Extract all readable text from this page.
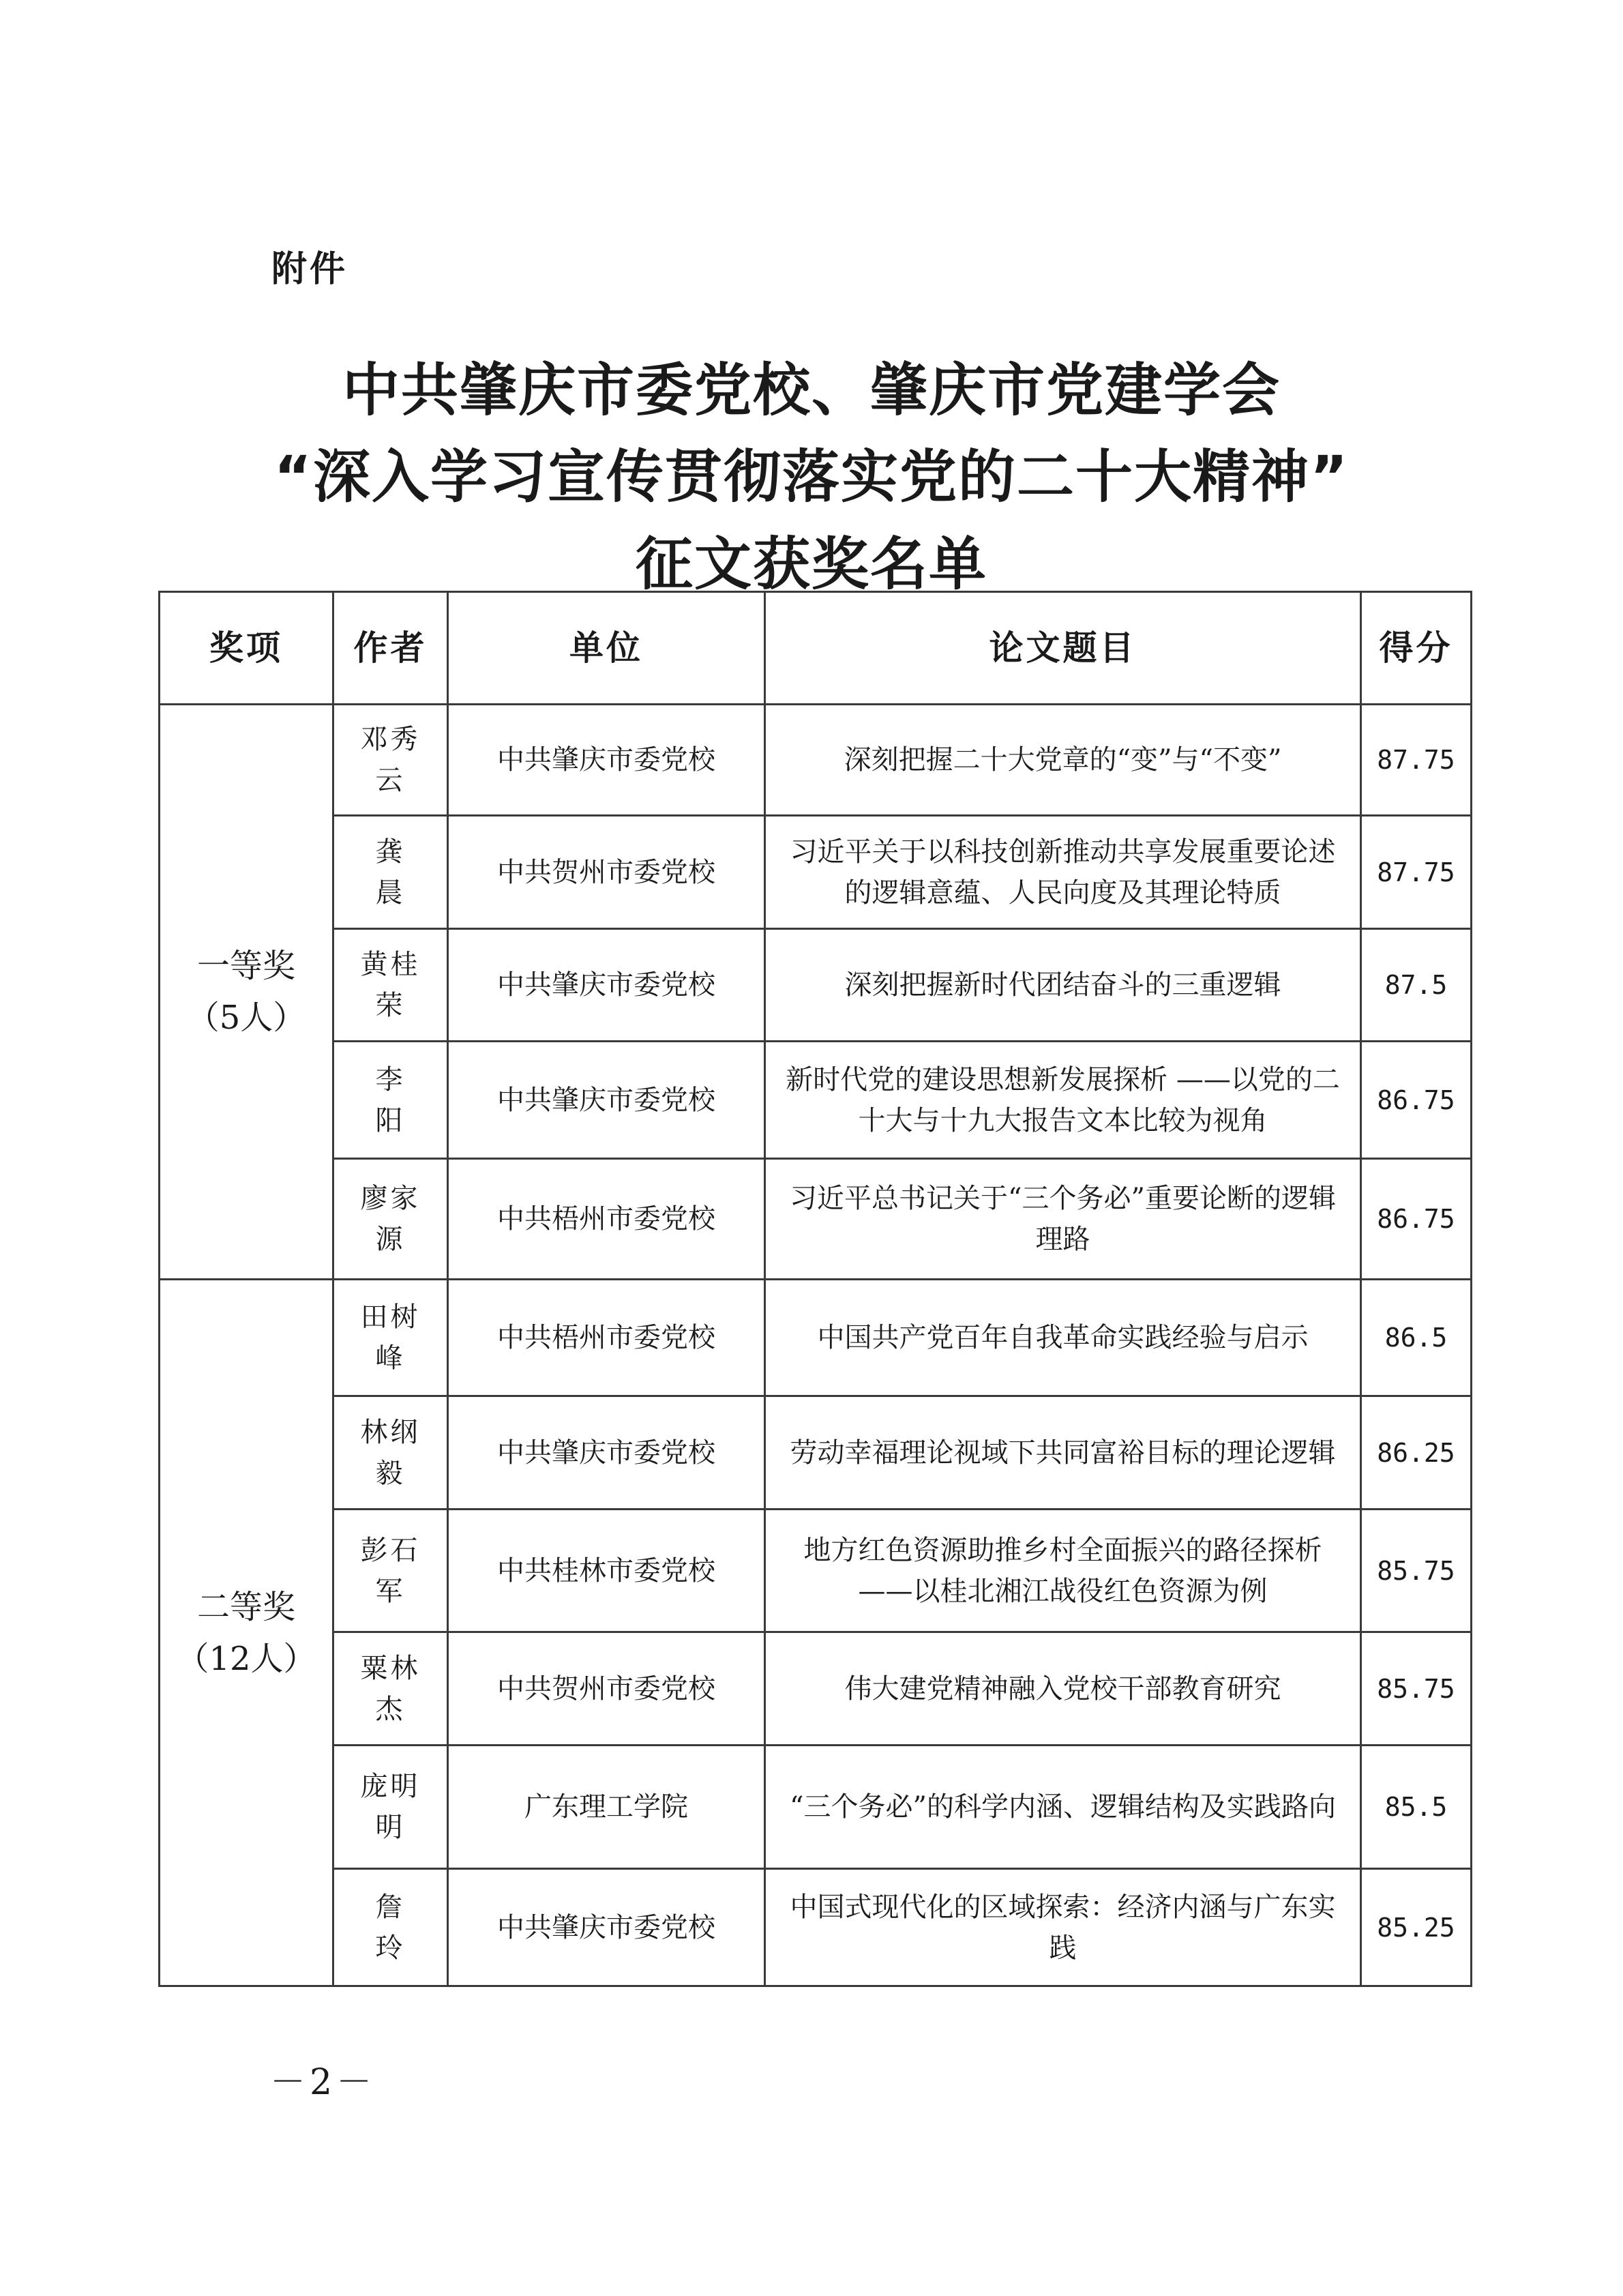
附件
中共肇庆市委党校、肇庆市党建学会
“深入学习宣传贯彻落实党的二十大精神”
征文获奖名单
奖项	作者	单位	论文题目	得分
一等奖
（5人）	邓秀云	中共肇庆市委党校	深刻把握二十大党章的“变”与“不变”	87.75
	龚　晨	中共贺州市委党校	习近平关于以科技创新推动共享发展重要论述的逻辑意蕴、人民向度及其理论特质	87.75
	黄桂荣	中共肇庆市委党校	深刻把握新时代团结奋斗的三重逻辑	87.5
	李　阳	中共肇庆市委党校	新时代党的建设思想新发展探析 ——以党的二十大与十九大报告文本比较为视角	86.75
	廖家源	中共梧州市委党校	习近平总书记关于“三个务必”重要论断的逻辑理路	86.75
二等奖
（12人）	田树峰	中共梧州市委党校	中国共产党百年自我革命实践经验与启示	86.5
	林纲毅	中共肇庆市委党校	劳动幸福理论视域下共同富裕目标的理论逻辑	86.25
	彭石军	中共桂林市委党校	地方红色资源助推乡村全面振兴的路径探析——以桂北湘江战役红色资源为例	85.75
	粟林杰	中共贺州市委党校	伟大建党精神融入党校干部教育研究	85.75
	庞明明	广东理工学院	“三个务必”的科学内涵、逻辑结构及实践路向	85.5
	詹　玲	中共肇庆市委党校	中国式现代化的区域探索：经济内涵与广东实践	85.25
－2－
